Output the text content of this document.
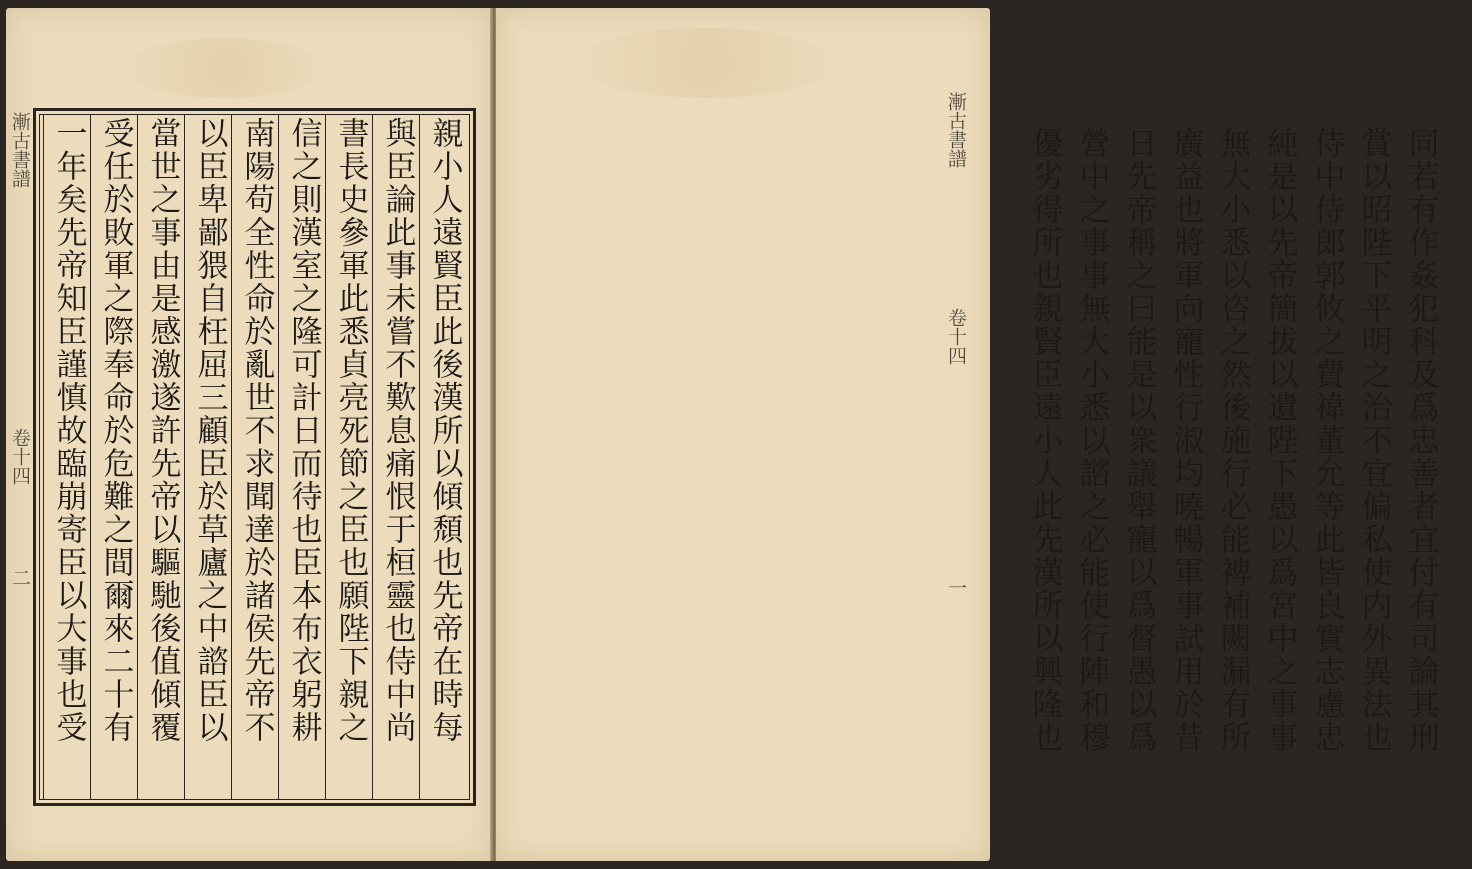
親小人遠賢臣此後漢所以傾頹也先帝在時每
與臣論此事未嘗不歎息痛恨于桓靈也侍中尚
書長史參軍此悉貞亮死節之臣也願陛下親之
信之則漢室之隆可計日而待也臣本布衣躬耕
南陽苟全性命於亂世不求聞達於諸侯先帝不
以臣卑鄙猥自枉屈三顧臣於草廬之中諮臣以
當世之事由是感激遂許先帝以驅馳後值傾覆
受任於敗軍之際奉命於危難之間爾來二十有
一年矣先帝知臣謹慎故臨崩寄臣以大事也受
漸古書譜
卷十四
二	同若有作姦犯科及爲忠善者宜付有司論其刑
賞以昭陛下平明之治不宜偏私使内外異法也
侍中侍郎郭攸之費禕董允等此皆良實志慮忠
純是以先帝簡拔以遺陛下愚以爲宮中之事事
無大小悉以咨之然後施行必能裨補闕漏有所
廣益也將軍向寵性行淑均曉暢軍事試用於昔
日先帝稱之曰能是以衆議舉寵以爲督愚以爲
營中之事事無大小悉以諮之必能使行陣和穆
優劣得所也親賢臣遠小人此先漢所以興隆也
漸古書譜
卷十四
一
